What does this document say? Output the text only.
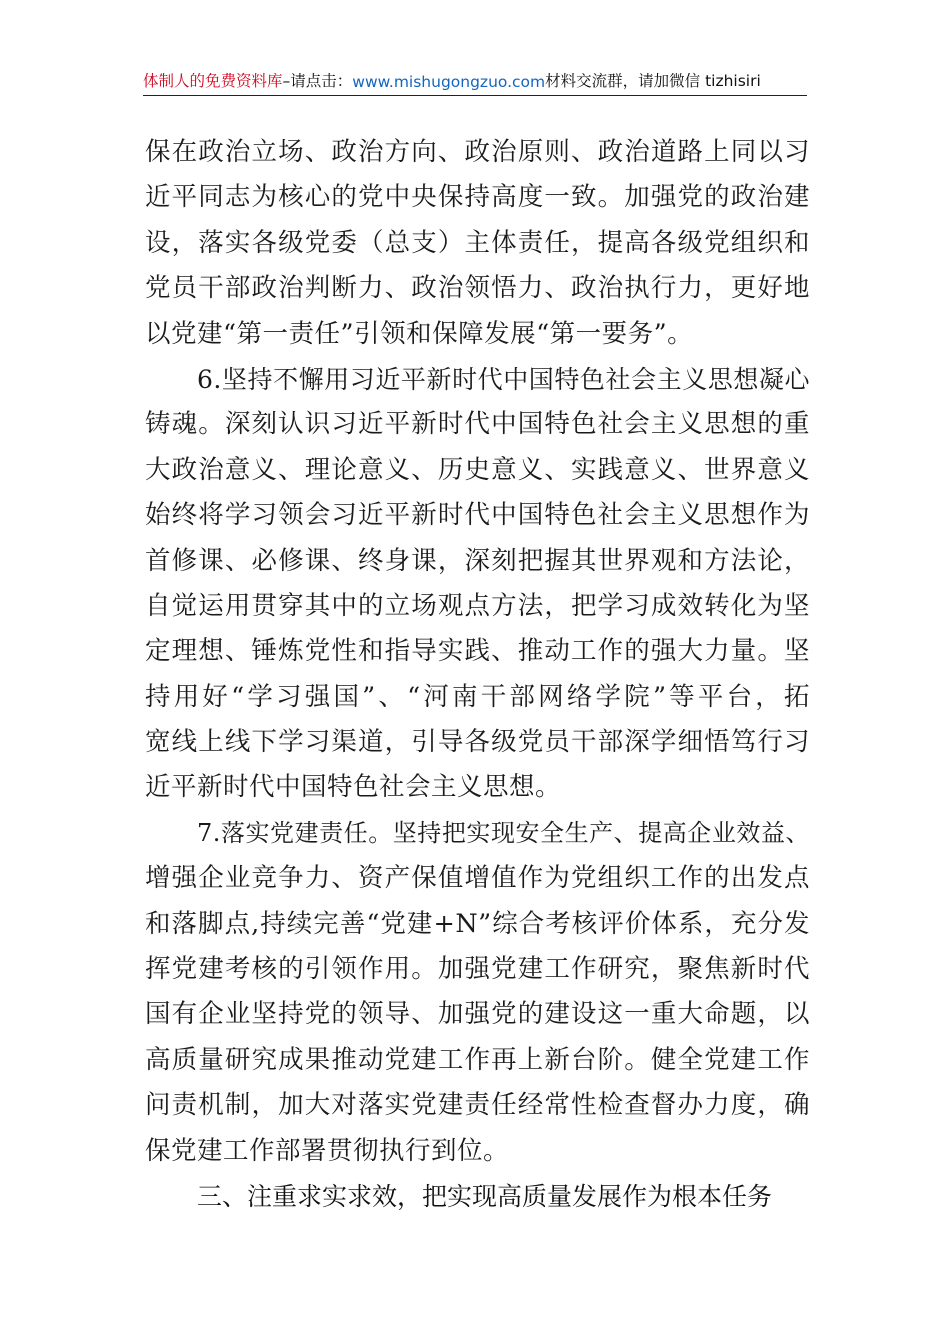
体制人的免费资料库 –请点击： www.mishugongzuo.com 材料交流群，请加微信 tizhisiri
保在政治立场、政治方向、政治原则、政治道路上同以习
近平同志为核心的党中央保持高度一致。加强党的政治建
设，落实各级党委（总支）主体责任，提高各级党组织和
党员干部政治判断力、政治领悟力、政治执行力，更好地
以党建“第一责任”引领和保障发展“第一要务”。
6.坚持不懈用习近平新时代中国特色社会主义思想凝心
铸魂。深刻认识习近平新时代中国特色社会主义思想的重
大政治意义、理论意义、历史意义、实践意义、世界意义
始终将学习领会习近平新时代中国特色社会主义思想作为
首修课、必修课、终身课，深刻把握其世界观和方法论，
自觉运用贯穿其中的立场观点方法，把学习成效转化为坚
定理想、锤炼党性和指导实践、推动工作的强大力量。坚
持用好“学习强国”、“河南干部网络学院”等平台，拓
宽线上线下学习渠道，引导各级党员干部深学细悟笃行习
近平新时代中国特色社会主义思想。
7.落实党建责任。坚持把实现安全生产、提高企业效益、
增强企业竞争力、资产保值增值作为党组织工作的出发点
和落脚点,持续完善“党建+N”综合考核评价体系，充分发
挥党建考核的引领作用。加强党建工作研究，聚焦新时代
国有企业坚持党的领导、加强党的建设这一重大命题，以
高质量研究成果推动党建工作再上新台阶。健全党建工作
问责机制，加大对落实党建责任经常性检查督办力度，确
保党建工作部署贯彻执行到位。
三、注重求实求效，把实现高质量发展作为根本任务
